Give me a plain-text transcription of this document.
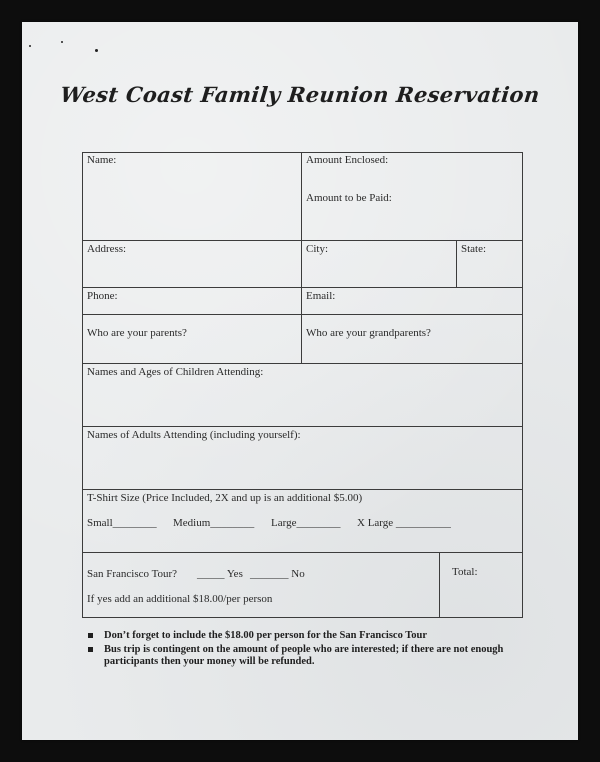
West Coast Family Reunion Reservation
Name:	Amount Enclosed:
Amount to be Paid:
Address:	City:	State:
Phone:	Email:
Who are your parents?	Who are your grandparents?
Names and Ages of Children Attending:
Names of Adults Attending (including yourself):
T-Shirt Size (Price Included, 2X and up is an additional $5.00)
Small________ Medium________ Large________ X Large __________
San Francisco Tour? _____ Yes _______ No
If yes add an additional $18.00/per person
Total:
Don’t forget to include the $18.00 per person for the San Francisco Tour
Bus trip is contingent on the amount of people who are interested; if there are not enough participants then your money will be refunded.
